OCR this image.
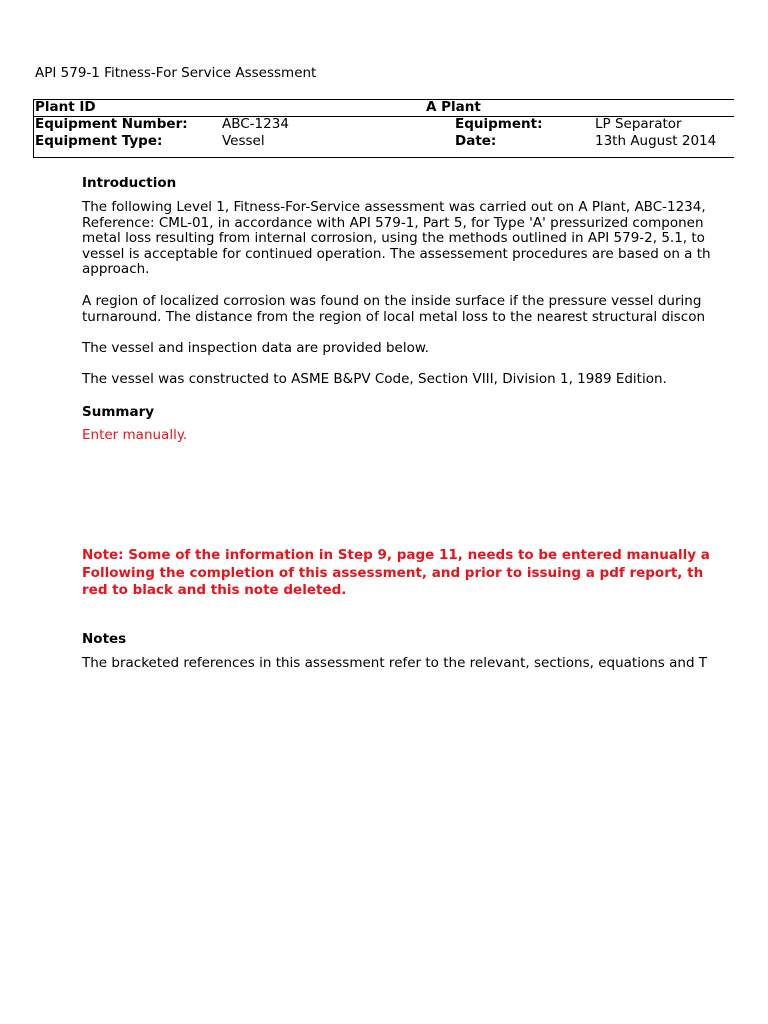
API 579-1 Fitness-For Service Assessment
Plant ID	A Plant
Equipment Number:	ABC-1234	Equipment:	LP Separator
Equipment Type:	Vessel	Date:	13th August 2014
Introduction
The following Level 1, Fitness-For-Service assessment was carried out on A Plant, ABC-1234,
Reference: CML-01, in accordance with API 579-1, Part 5, for Type 'A' pressurized componen
metal loss resulting from internal corrosion, using the methods outlined in API 579-2, 5.1, to
vessel is acceptable for continued operation. The assessement procedures are based on a th
approach.
A region of localized corrosion was found on the inside surface if the pressure vessel during
turnaround. The distance from the region of local metal loss to the nearest structural discon
The vessel and inspection data are provided below.
The vessel was constructed to ASME B&PV Code, Section VIII, Division 1, 1989 Edition.
Summary
Enter manually.
Note: Some of the information in Step 9, page 11, needs to be entered manually a
Following the completion of this assessment, and prior to issuing a pdf report, th
red to black and this note deleted.
Notes
The bracketed references in this assessment refer to the relevant, sections, equations and T
